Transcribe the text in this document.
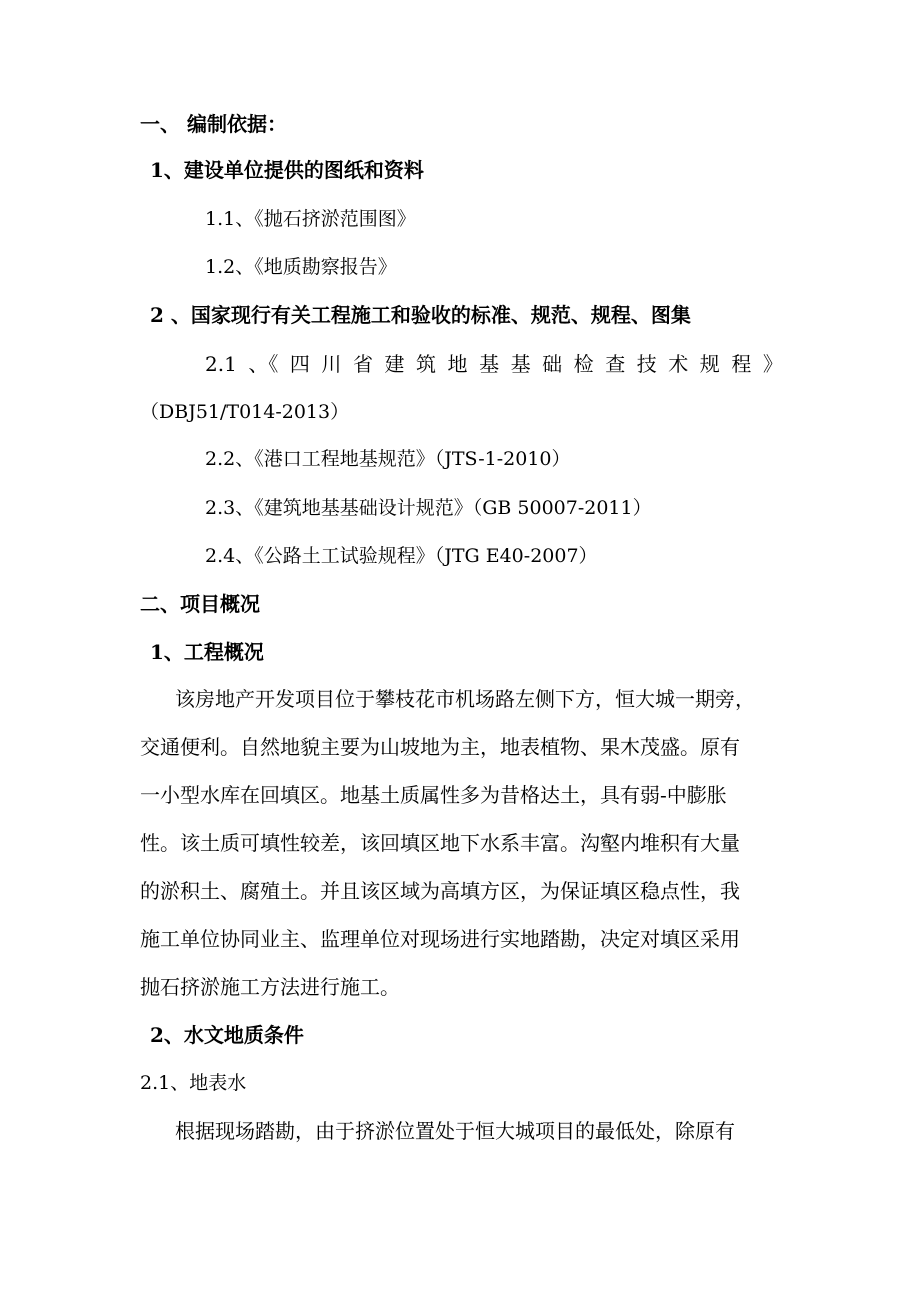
一、 编制依据：
1、建设单位提供的图纸和资料
1.1、《抛石挤淤范围图》
1.2、《地质勘察报告》
2 、国家现行有关工程施工和验收的标准、规范、规程、图集
2.1 、《 四 川 省 建 筑 地 基 基 础 检 查 技 术 规 程 》
（DBJ51/T014-2013）
2.2、《港口工程地基规范》（JTS-1-2010）
2.3、《建筑地基基础设计规范》（GB 50007-2011）
2.4、《公路土工试验规程》（JTG E40-2007）
二、项目概况
1、工程概况
该房地产开发项目位于攀枝花市机场路左侧下方，恒大城一期旁，
交通便利。自然地貌主要为山坡地为主，地表植物、果木茂盛。原有
一小型水库在回填区。地基土质属性多为昔格达土，具有弱-中膨胀
性。该土质可填性较差，该回填区地下水系丰富。沟壑内堆积有大量
的淤积土、腐殖土。并且该区域为高填方区，为保证填区稳点性，我
施工单位协同业主、监理单位对现场进行实地踏勘，决定对填区采用
抛石挤淤施工方法进行施工。
2、水文地质条件
2.1、地表水
根据现场踏勘，由于挤淤位置处于恒大城项目的最低处，除原有
